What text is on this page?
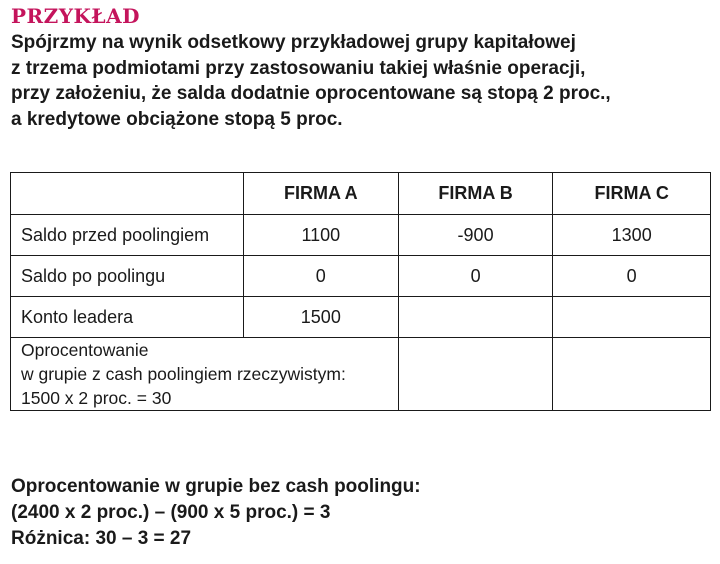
PRZYKŁAD
Spójrzmy na wynik odsetkowy przykładowej grupy kapitałowej
z trzema podmiotami przy zastosowaniu takiej właśnie operacji,
przy założeniu, że salda dodatnie oprocentowane są stopą 2 proc.,
a kredytowe obciążone stopą 5 proc.
	FIRMA A	FIRMA B	FIRMA C
Saldo przed poolingiem	1100	-900	1300
Saldo po poolingu	0	0	0
Konto leadera	1500		

Oprocentowanie
w grupie z cash poolingiem rzeczywistym:
1500 x 2 proc. = 30			

Oprocentowanie w grupie bez cash poolingu:
(2400 x 2 proc.) – (900 x 5 proc.) = 3
Różnica: 30 – 3 = 27
